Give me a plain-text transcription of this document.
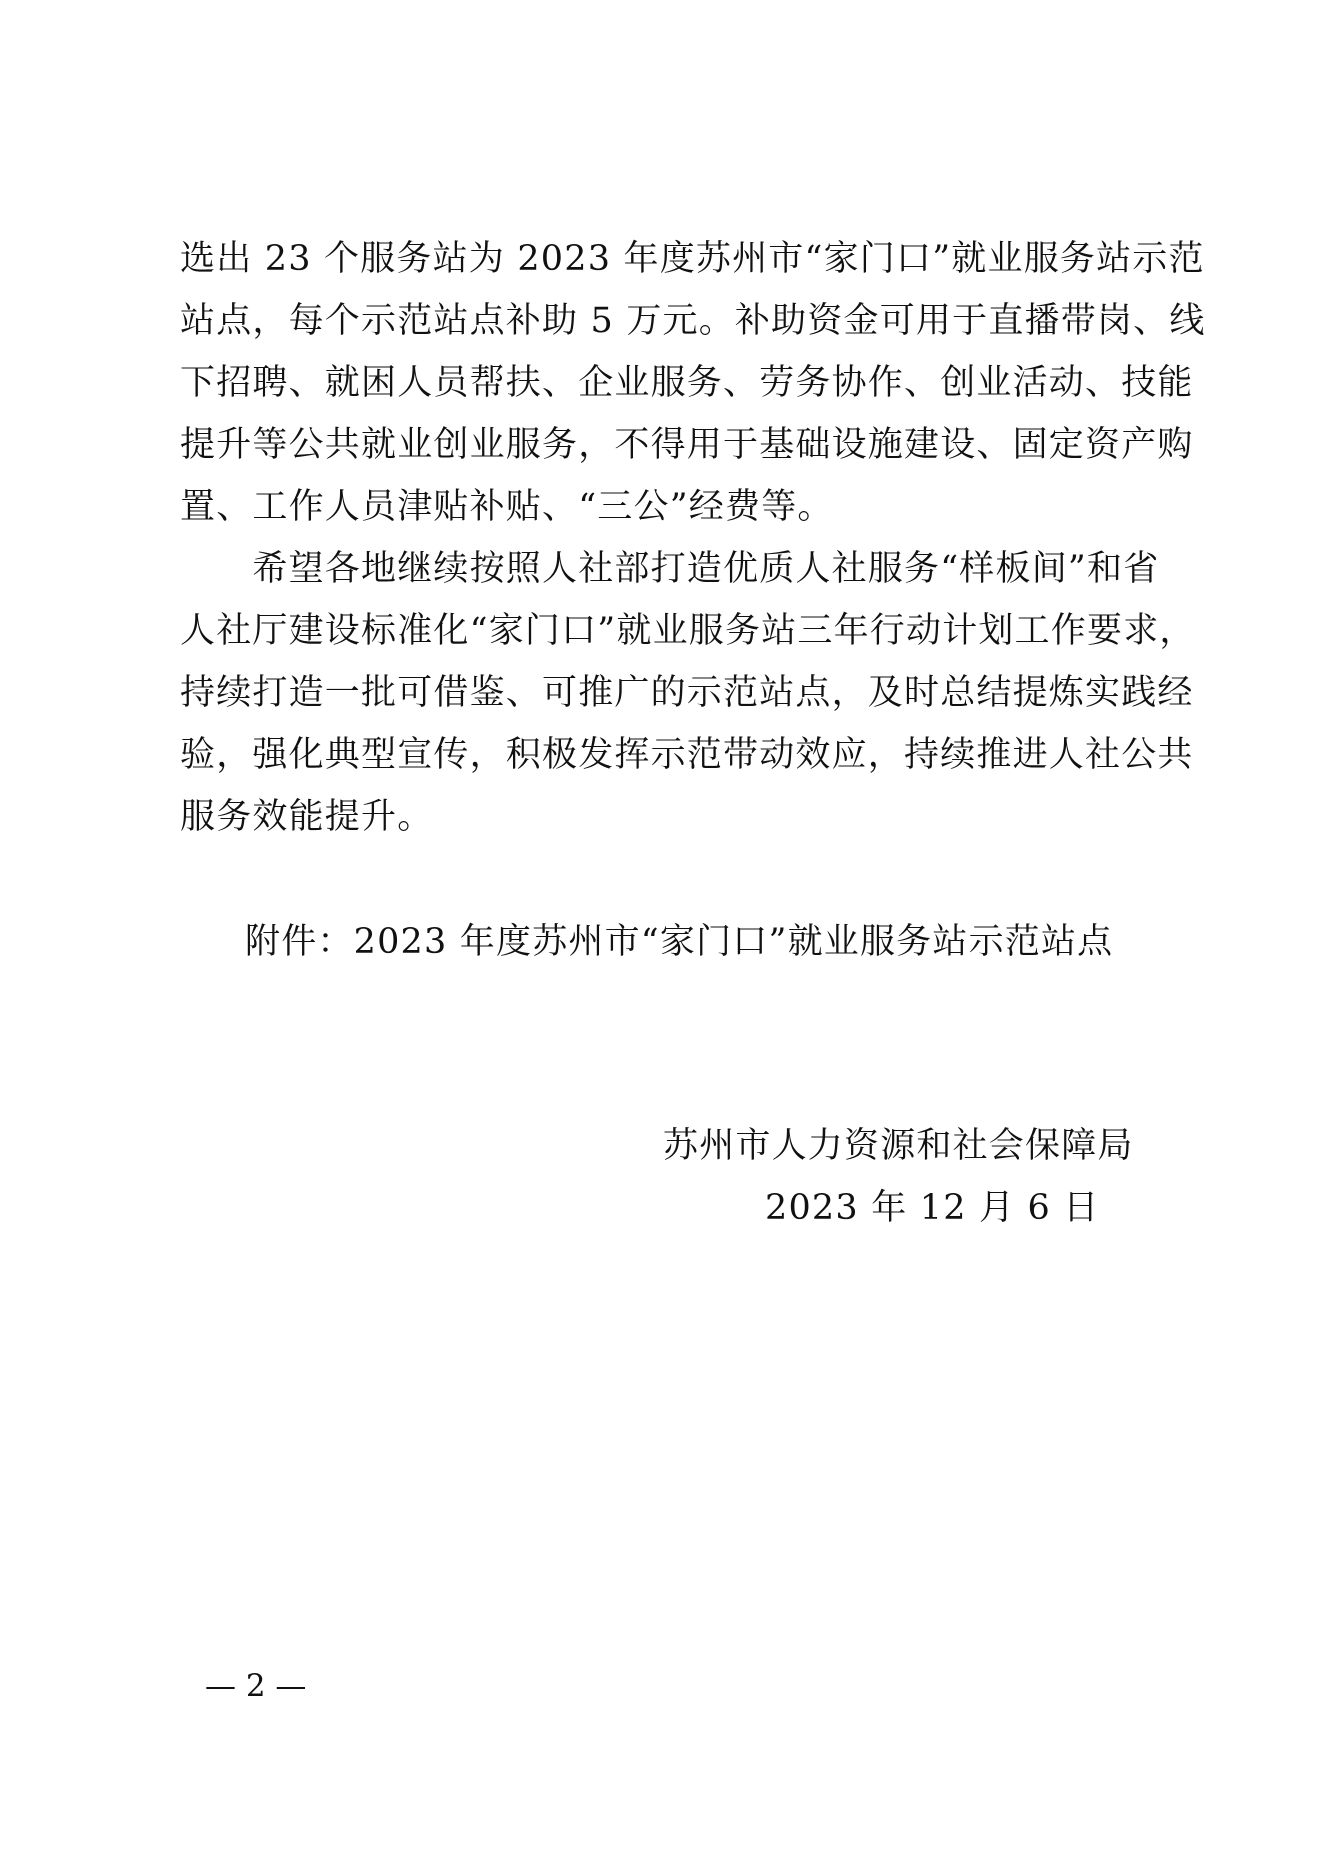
选出 23 个服务站为 2023 年度苏州市“家门口”就业服务站示范
站点，每个示范站点补助 5 万元。补助资金可用于直播带岗、线
下招聘、就困人员帮扶、企业服务、劳务协作、创业活动、技能
提升等公共就业创业服务，不得用于基础设施建设、固定资产购
置、工作人员津贴补贴、“三公”经费等。
　　希望各地继续按照人社部打造优质人社服务“样板间”和省
人社厅建设标准化“家门口”就业服务站三年行动计划工作要求，
持续打造一批可借鉴、可推广的示范站点，及时总结提炼实践经
验，强化典型宣传，积极发挥示范带动效应，持续推进人社公共
服务效能提升。
附件：2023 年度苏州市“家门口”就业服务站示范站点
苏州市人力资源和社会保障局
2023 年 12 月 6 日
— 2 —
